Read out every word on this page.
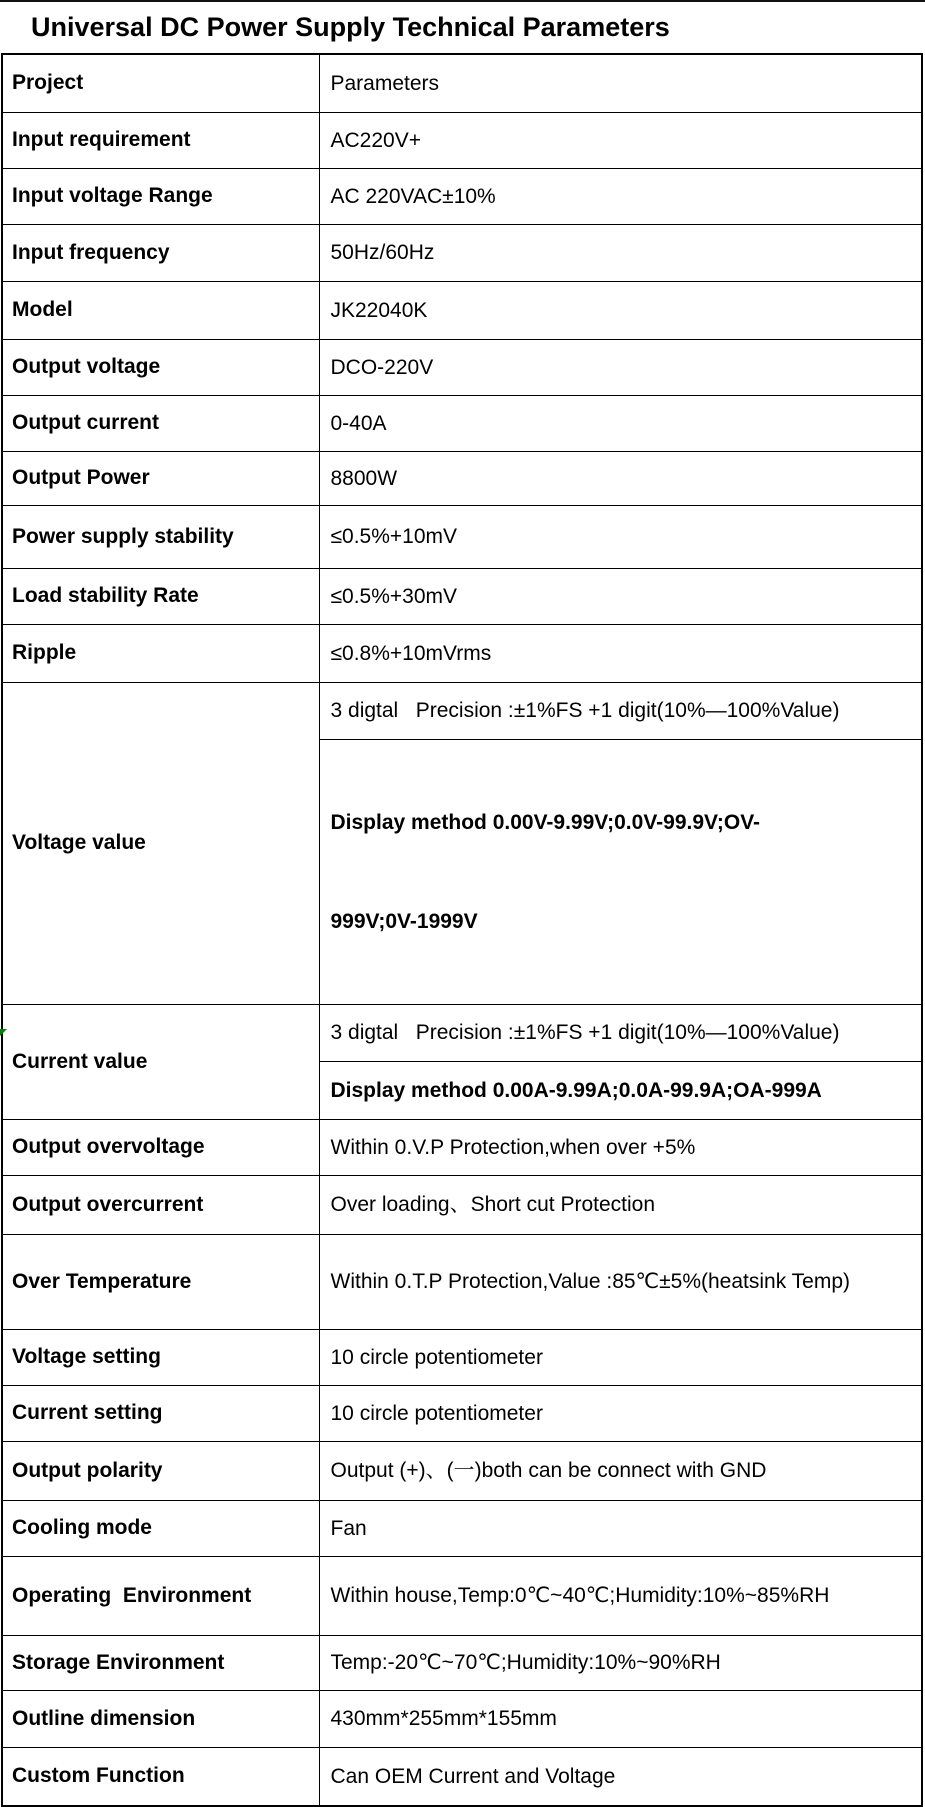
Universal DC Power Supply Technical Parameters
Project	Parameters
Input requirement	AC220V+
Input voltage Range	AC 220VAC±10%
Input frequency	50Hz/60Hz
Model	JK22040K
Output voltage	DCO-220V
Output current	0-40A
Output Power	8800W
Power supply stability	≤0.5%+10mV
Load stability Rate	≤0.5%+30mV
Ripple	≤0.8%+10mVrms
Voltage value	3 digtal   Precision :±1%FS +1 digit(10%—100%Value)

	Display method 0.00V-9.99V;0.0V-99.9V;OV-

999V;0V-1999V

Current value	3 digtal   Precision :±1%FS +1 digit(10%—100%Value)
	Display method 0.00A-9.99A;0.0A-99.9A;OA-999A
Output overvoltage	Within 0.V.P Protection,when over +5%
Output overcurrent	Over loading、Short cut Protection
Over Temperature	Within 0.T.P Protection,Value :85℃±5%(heatsink Temp)
Voltage setting	10 circle potentiometer
Current setting	10 circle potentiometer
Output polarity	Output (+)、(一)both can be connect with GND
Cooling mode	Fan
Operating  Environment	Within house,Temp:0℃~40℃;Humidity:10%~85%RH
Storage Environment	Temp:-20℃~70℃;Humidity:10%~90%RH
Outline dimension	430mm*255mm*155mm
Custom Function	Can OEM Current and Voltage
